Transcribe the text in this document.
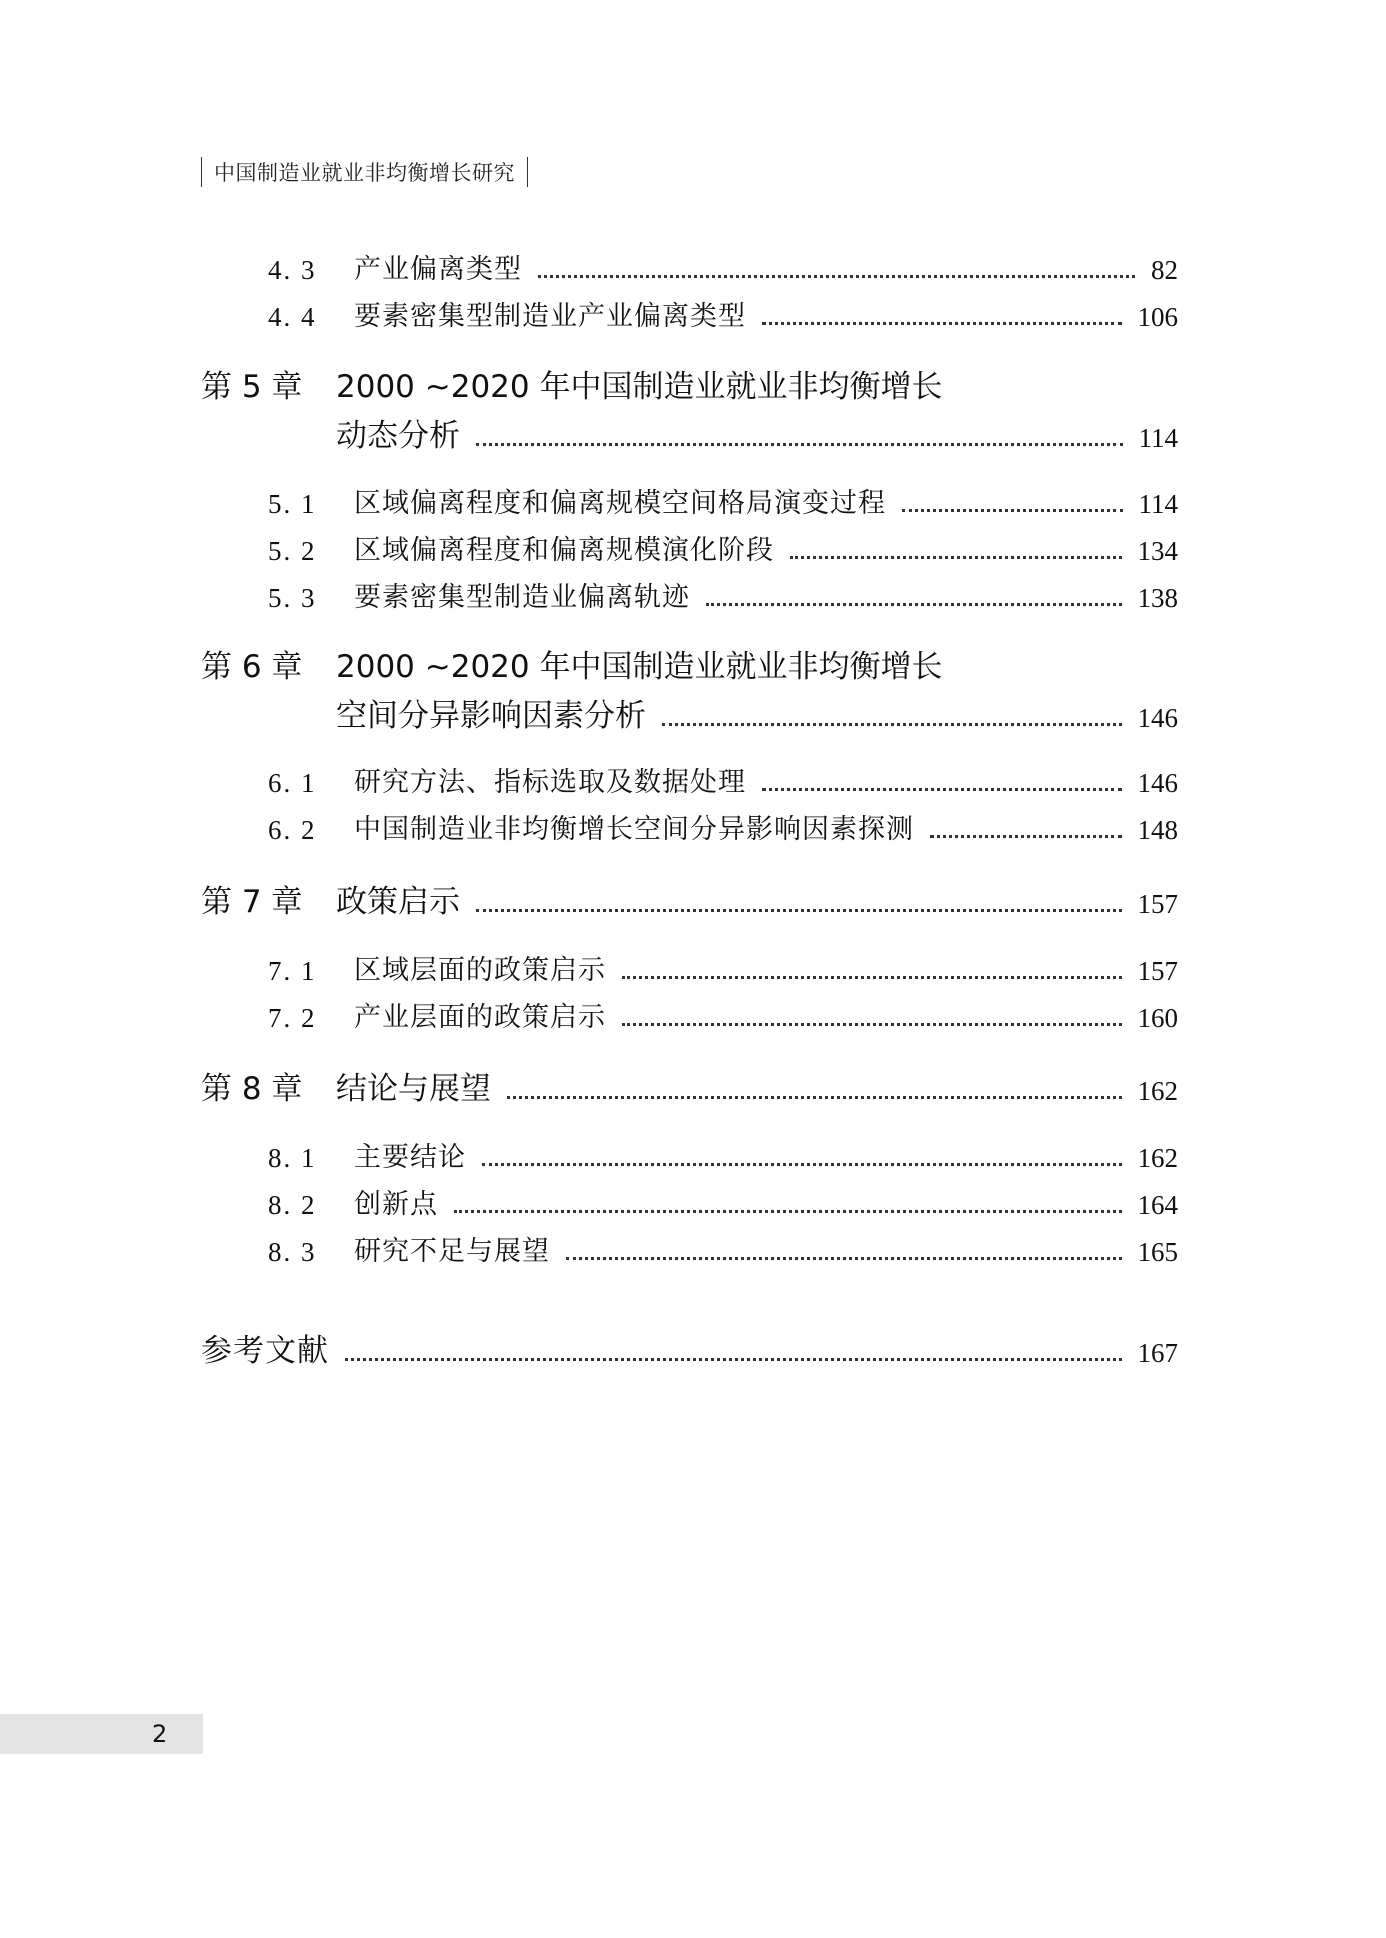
中国制造业就业非均衡增长研究
4. 3	产业偏离类型	82
4. 4	要素密集型制造业产业偏离类型	106
第 5 章 2000 ~2020 年中国制造业就业非均衡增长
动态分析	114
5. 1	区域偏离程度和偏离规模空间格局演变过程	114
5. 2	区域偏离程度和偏离规模演化阶段	134
5. 3	要素密集型制造业偏离轨迹	138
第 6 章 2000 ~2020 年中国制造业就业非均衡增长
空间分异影响因素分析	146
6. 1	研究方法、指标选取及数据处理	146
6. 2	中国制造业非均衡增长空间分异影响因素探测	148
第 7 章	政策启示	157
7. 1	区域层面的政策启示	157
7. 2	产业层面的政策启示	160
第 8 章	结论与展望	162
8. 1	主要结论	162
8. 2	创新点	164
8. 3	研究不足与展望	165
参考文献	167
2
